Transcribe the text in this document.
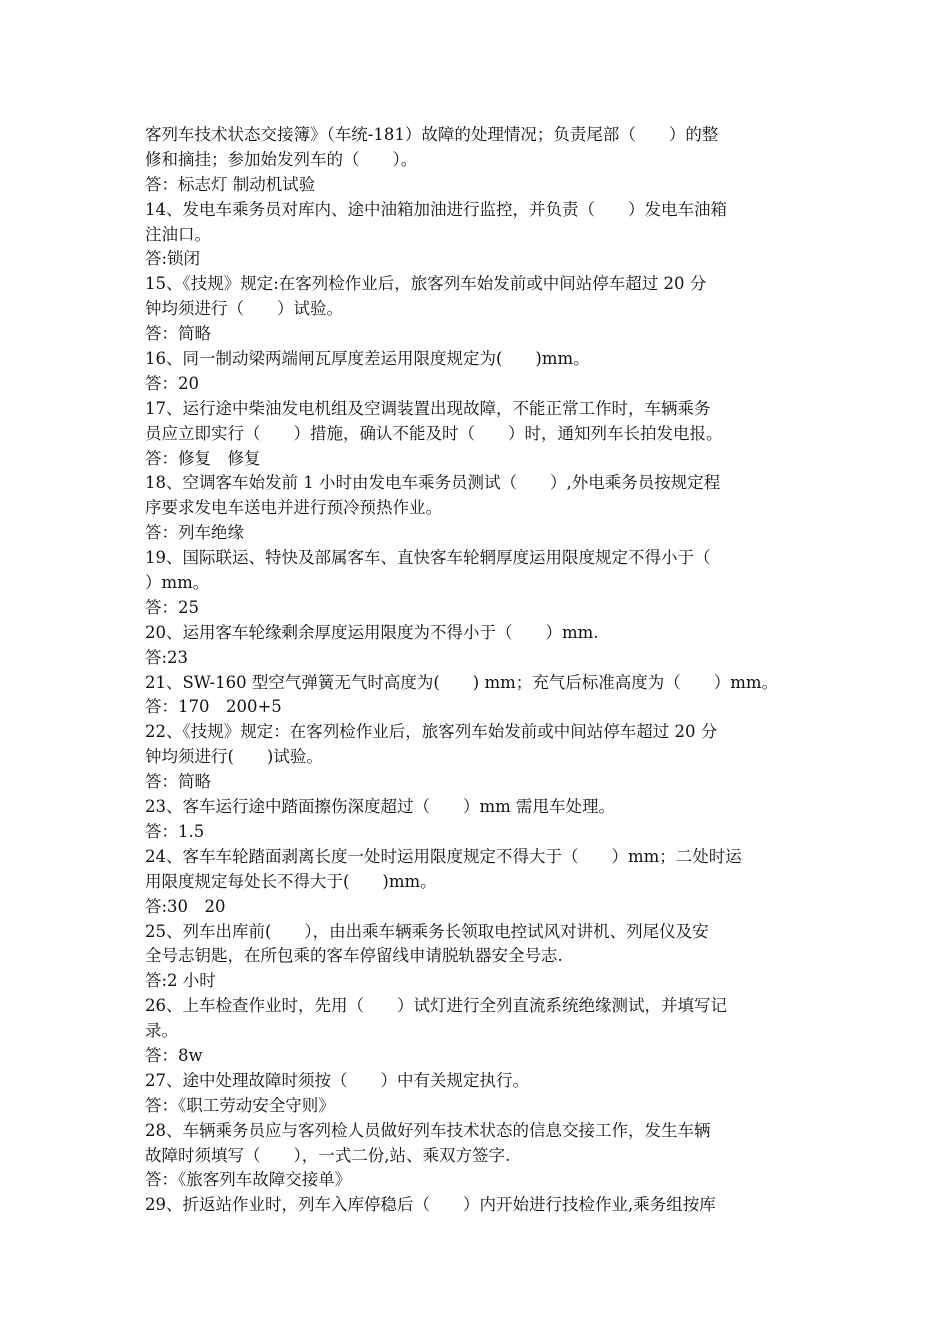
客列车技术状态交接簿》（车统-181）故障的处理情况；负责尾部（　　）的整
修和摘挂；参加始发列车的（　　）。
答：标志灯 制动机试验
14、发电车乘务员对库内、途中油箱加油进行监控，并负责（　　）发电车油箱
注油口。
答:锁闭
15、《技规》规定:在客列检作业后，旅客列车始发前或中间站停车超过 20 分
钟均须进行（　　）试验。
答：简略
16、同一制动梁两端闸瓦厚度差运用限度规定为(　　)mm。
答：20
17、运行途中柴油发电机组及空调装置出现故障，不能正常工作时，车辆乘务
员应立即实行（　　）措施，确认不能及时（　　）时，通知列车长拍发电报。
答：修复　修复
18、空调客车始发前 1 小时由发电车乘务员测试（　　）,外电乘务员按规定程
序要求发电车送电并进行预冷预热作业。
答：列车绝缘
19、国际联运、特快及部属客车、直快客车轮辋厚度运用限度规定不得小于（
）mm。
答：25
20、运用客车轮缘剩余厚度运用限度为不得小于（　　）mm.
答:23
21、SW-160 型空气弹簧无气时高度为(　　) mm；充气后标准高度为（　　）mm。
答：170　200+5
22、《技规》规定：在客列检作业后，旅客列车始发前或中间站停车超过 20 分
钟均须进行(　　)试验。
答：简略
23、客车运行途中踏面擦伤深度超过（　　）mm 需甩车处理。
答：1.5
24、客车车轮踏面剥离长度一处时运用限度规定不得大于（　　）mm；二处时运
用限度规定每处长不得大于(　　)mm。
答:30　20
25、列车出库前(　　），由出乘车辆乘务长领取电控试风对讲机、列尾仪及安
全号志钥匙，在所包乘的客车停留线申请脱轨器安全号志.
答:2 小时
26、上车检查作业时，先用（　　）试灯进行全列直流系统绝缘测试，并填写记
录。
答：8w
27、途中处理故障时须按（　　）中有关规定执行。
答：《职工劳动安全守则》
28、车辆乘务员应与客列检人员做好列车技术状态的信息交接工作，发生车辆
故障时须填写（　　），一式二份,站、乘双方签字.
答：《旅客列车故障交接单》
29、折返站作业时，列车入库停稳后（　　）内开始进行技检作业,乘务组按库
